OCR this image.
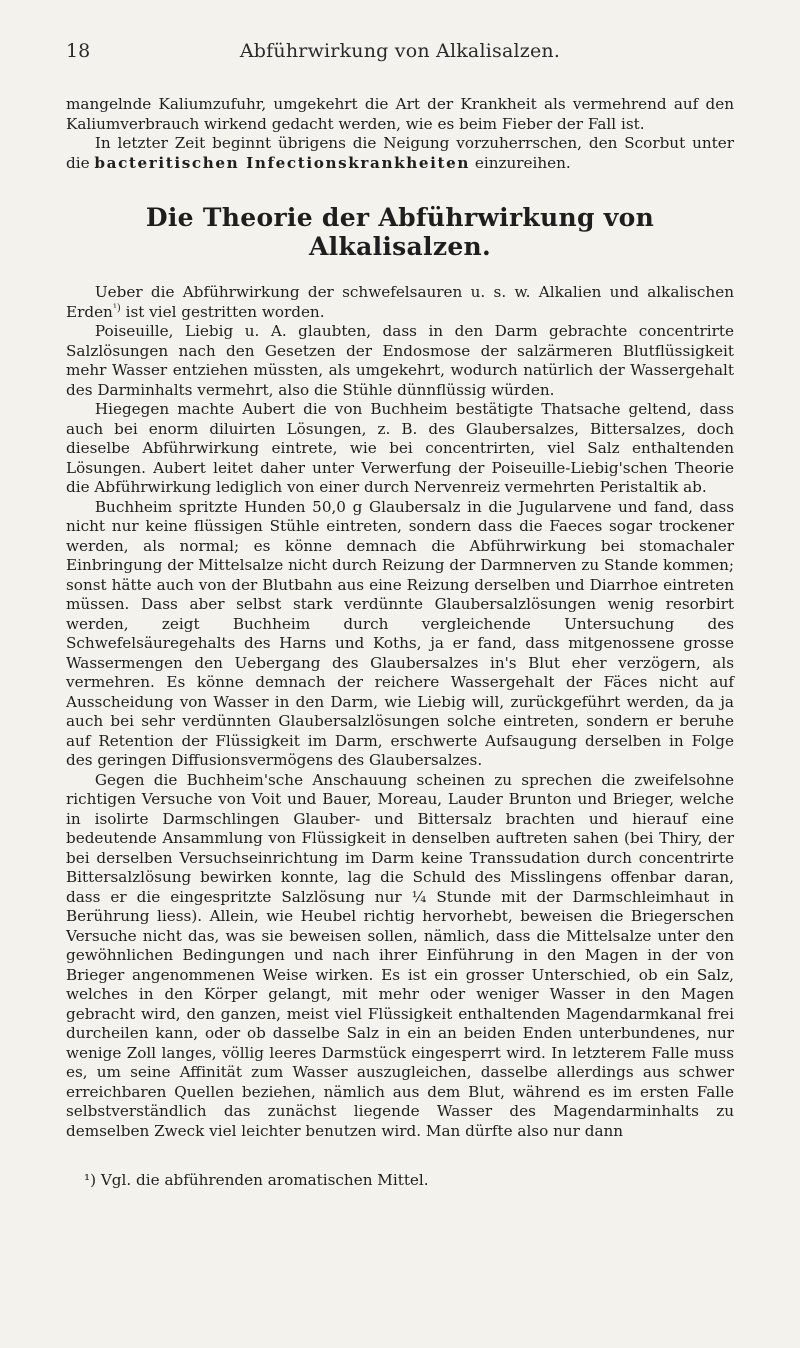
18	Abführwirkung von Alkalisalzen.

mangelnde Kaliumzufuhr, umgekehrt die Art der Krankheit als vermehrend auf den Kaliumverbrauch wirkend gedacht werden, wie es beim Fieber der Fall ist.

In letzter Zeit beginnt übrigens die Neigung vorzuherrschen, den Scorbut unter die bacteritischen Infectionskrankheiten einzureihen.

Die Theorie der Abführwirkung von Alkalisalzen.

Ueber die Abführwirkung der schwefelsauren u. s. w. Alkalien und alkalischen Erden$^{^1)}$ ist viel gestritten worden.

Poiseuille, Liebig u. A. glaubten, dass in den Darm gebrachte concentrirte Salzlösungen nach den Gesetzen der Endosmose der salzärmeren Blutflüssigkeit mehr Wasser entziehen müssten, als umgekehrt, wodurch natürlich der Wassergehalt des Darminhalts vermehrt, also die Stühle dünnflüssig würden.

Hiegegen machte Aubert die von Buchheim bestätigte Thatsache geltend, dass auch bei enorm diluirten Lösungen, z. B. des Glaubersalzes, Bittersalzes, doch dieselbe Abführwirkung eintrete, wie bei concentrirten, viel Salz enthaltenden Lösungen. Aubert leitet daher unter Verwerfung der Poiseuille-Liebig'schen Theorie die Abführwirkung lediglich von einer durch Nervenreiz vermehrten Peristaltik ab.

Buchheim spritzte Hunden 50,0 g Glaubersalz in die Jugularvene und fand, dass nicht nur keine flüssigen Stühle eintreten, sondern dass die Faeces sogar trockener werden, als normal; es könne demnach die Abführwirkung bei stomachaler Einbringung der Mittelsalze nicht durch Reizung der Darmnerven zu Stande kommen; sonst hätte auch von der Blutbahn aus eine Reizung derselben und Diarrhoe eintreten müssen. Dass aber selbst stark verdünnte Glaubersalzlösungen wenig resorbirt werden, zeigt Buchheim durch vergleichende Untersuchung des Schwefelsäuregehalts des Harns und Koths, ja er fand, dass mitgenossene grosse Wassermengen den Uebergang des Glaubersalzes in's Blut eher verzögern, als vermehren. Es könne demnach der reichere Wassergehalt der Fäces nicht auf Ausscheidung von Wasser in den Darm, wie Liebig will, zurückgeführt werden, da ja auch bei sehr verdünnten Glaubersalzlösungen solche eintreten, sondern er beruhe auf Retention der Flüssigkeit im Darm, erschwerte Aufsaugung derselben in Folge des geringen Diffusionsvermögens des Glaubersalzes.

Gegen die Buchheim'sche Anschauung scheinen zu sprechen die zweifelsohne richtigen Versuche von Voit und Bauer, Moreau, Lauder Brunton und Brieger, welche in isolirte Darmschlingen Glauber- und Bittersalz brachten und hierauf eine bedeutende Ansammlung von Flüssigkeit in denselben auftreten sahen (bei Thiry, der bei derselben Versuchseinrichtung im Darm keine Transsudation durch concentrirte Bittersalzlösung bewirken konnte, lag die Schuld des Misslingens offenbar daran, dass er die eingespritzte Salzlösung nur ¼ Stunde mit der Darmschleimhaut in Berührung liess). Allein, wie Heubel richtig hervorhebt, beweisen die Briegerschen Versuche nicht das, was sie beweisen sollen, nämlich, dass die Mittelsalze unter den gewöhnlichen Bedingungen und nach ihrer Einführung in den Magen in der von Brieger angenommenen Weise wirken. Es ist ein grosser Unterschied, ob ein Salz, welches in den Körper gelangt, mit mehr oder weniger Wasser in den Magen gebracht wird, den ganzen, meist viel Flüssigkeit enthaltenden Magendarmkanal frei durcheilen kann, oder ob dasselbe Salz in ein an beiden Enden unterbundenes, nur wenige Zoll langes, völlig leeres Darmstück eingesperrt wird. In letzterem Falle muss es, um seine Affinität zum Wasser auszugleichen, dasselbe allerdings aus schwer erreichbaren Quellen beziehen, nämlich aus dem Blut, während es im ersten Falle selbstverständlich das zunächst liegende Wasser des Magendarminhalts zu demselben Zweck viel leichter benutzen wird. Man dürfte also nur dann

¹) Vgl. die abführenden aromatischen Mittel.
